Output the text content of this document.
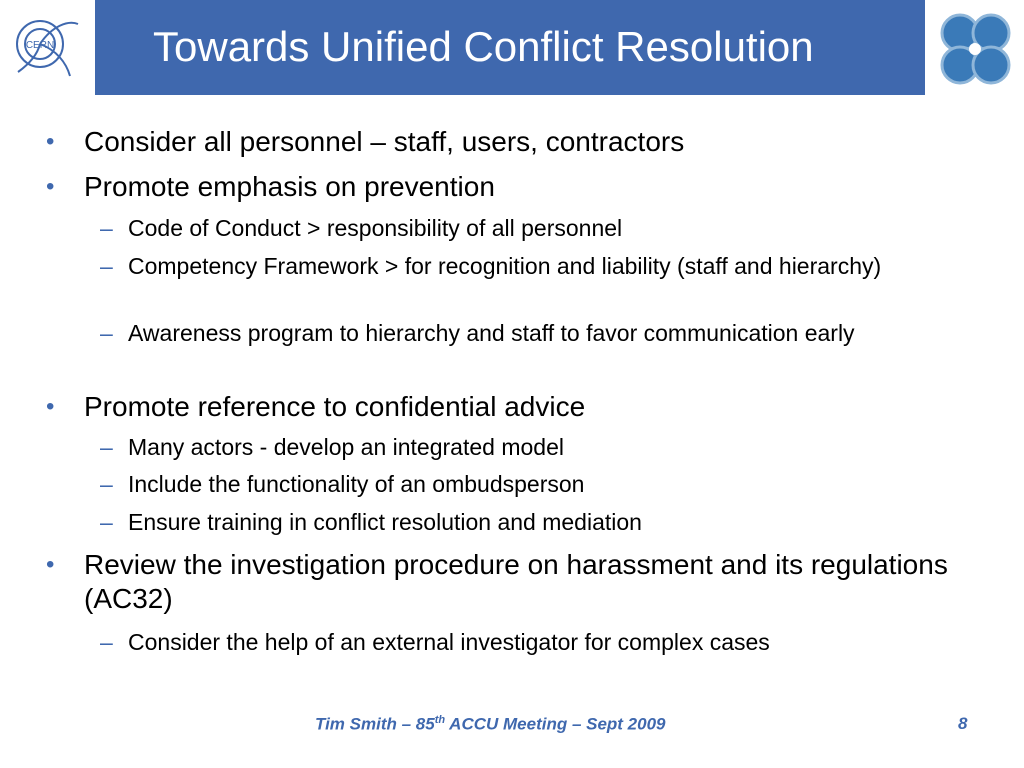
CERN Towards Unified Conflict Resolution
• Consider all personnel – staff, users, contractors
• Promote emphasis on prevention
– Code of Conduct > responsibility of all personnel
– Competency Framework > for recognition and liability (staff and hierarchy)
– Awareness program to hierarchy and staff to favor communication early
• Promote reference to confidential advice
– Many actors - develop an integrated model
– Include the functionality of an ombudsperson
– Ensure training in conflict resolution and mediation
• Review the investigation procedure on harassment and its regulations (AC32)
– Consider the help of an external investigator for complex cases
Tim Smith – 85th ACCU Meeting – Sept 2009	8
